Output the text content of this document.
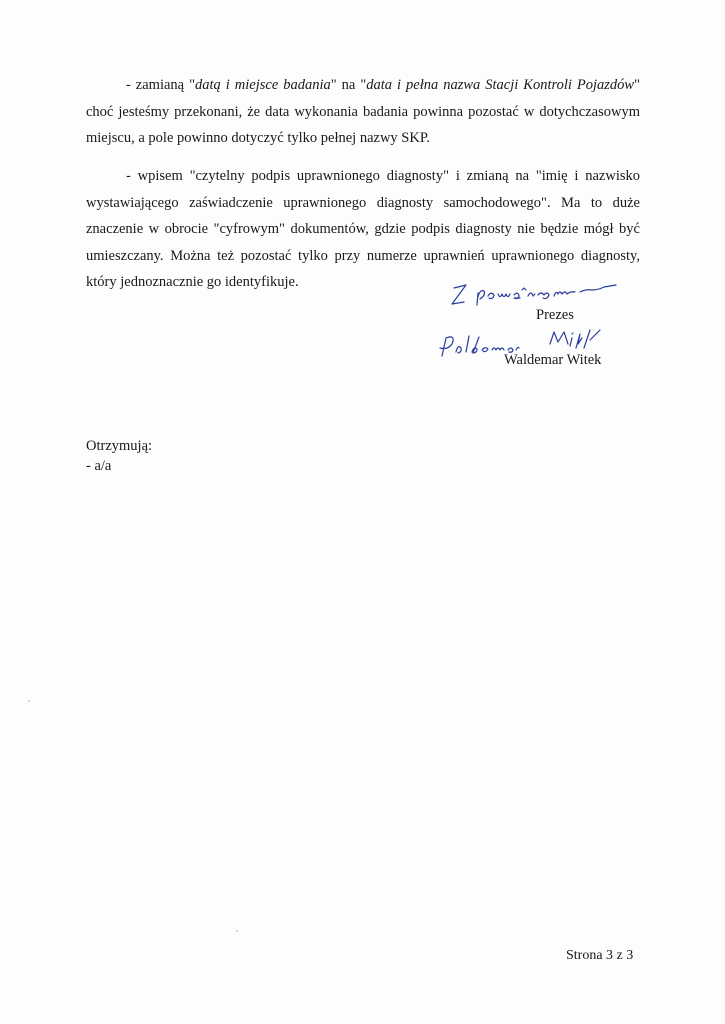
- zamianą "datą i miejsce badania" na "data i pełna nazwa Stacji Kontroli Pojazdów" choć jesteśmy przekonani, że data wykonania badania powinna pozostać w dotychczasowym miejscu, a pole powinno dotyczyć tylko pełnej nazwy SKP.

- wpisem "czytelny podpis uprawnionego diagnosty" i zmianą na "imię i nazwisko wystawiającego zaświadczenie uprawnionego diagnosty samochodowego". Ma to duże znaczenie w obrocie "cyfrowym" dokumentów, gdzie podpis diagnosty nie będzie mógł być umieszczany. Można też pozostać tylko przy numerze uprawnień uprawnionego diagnosty, który jednoznacznie go identyfikuje.

Prezes
Waldemar Witek
Otrzymują:
- a/a
Strona 3 z 3
